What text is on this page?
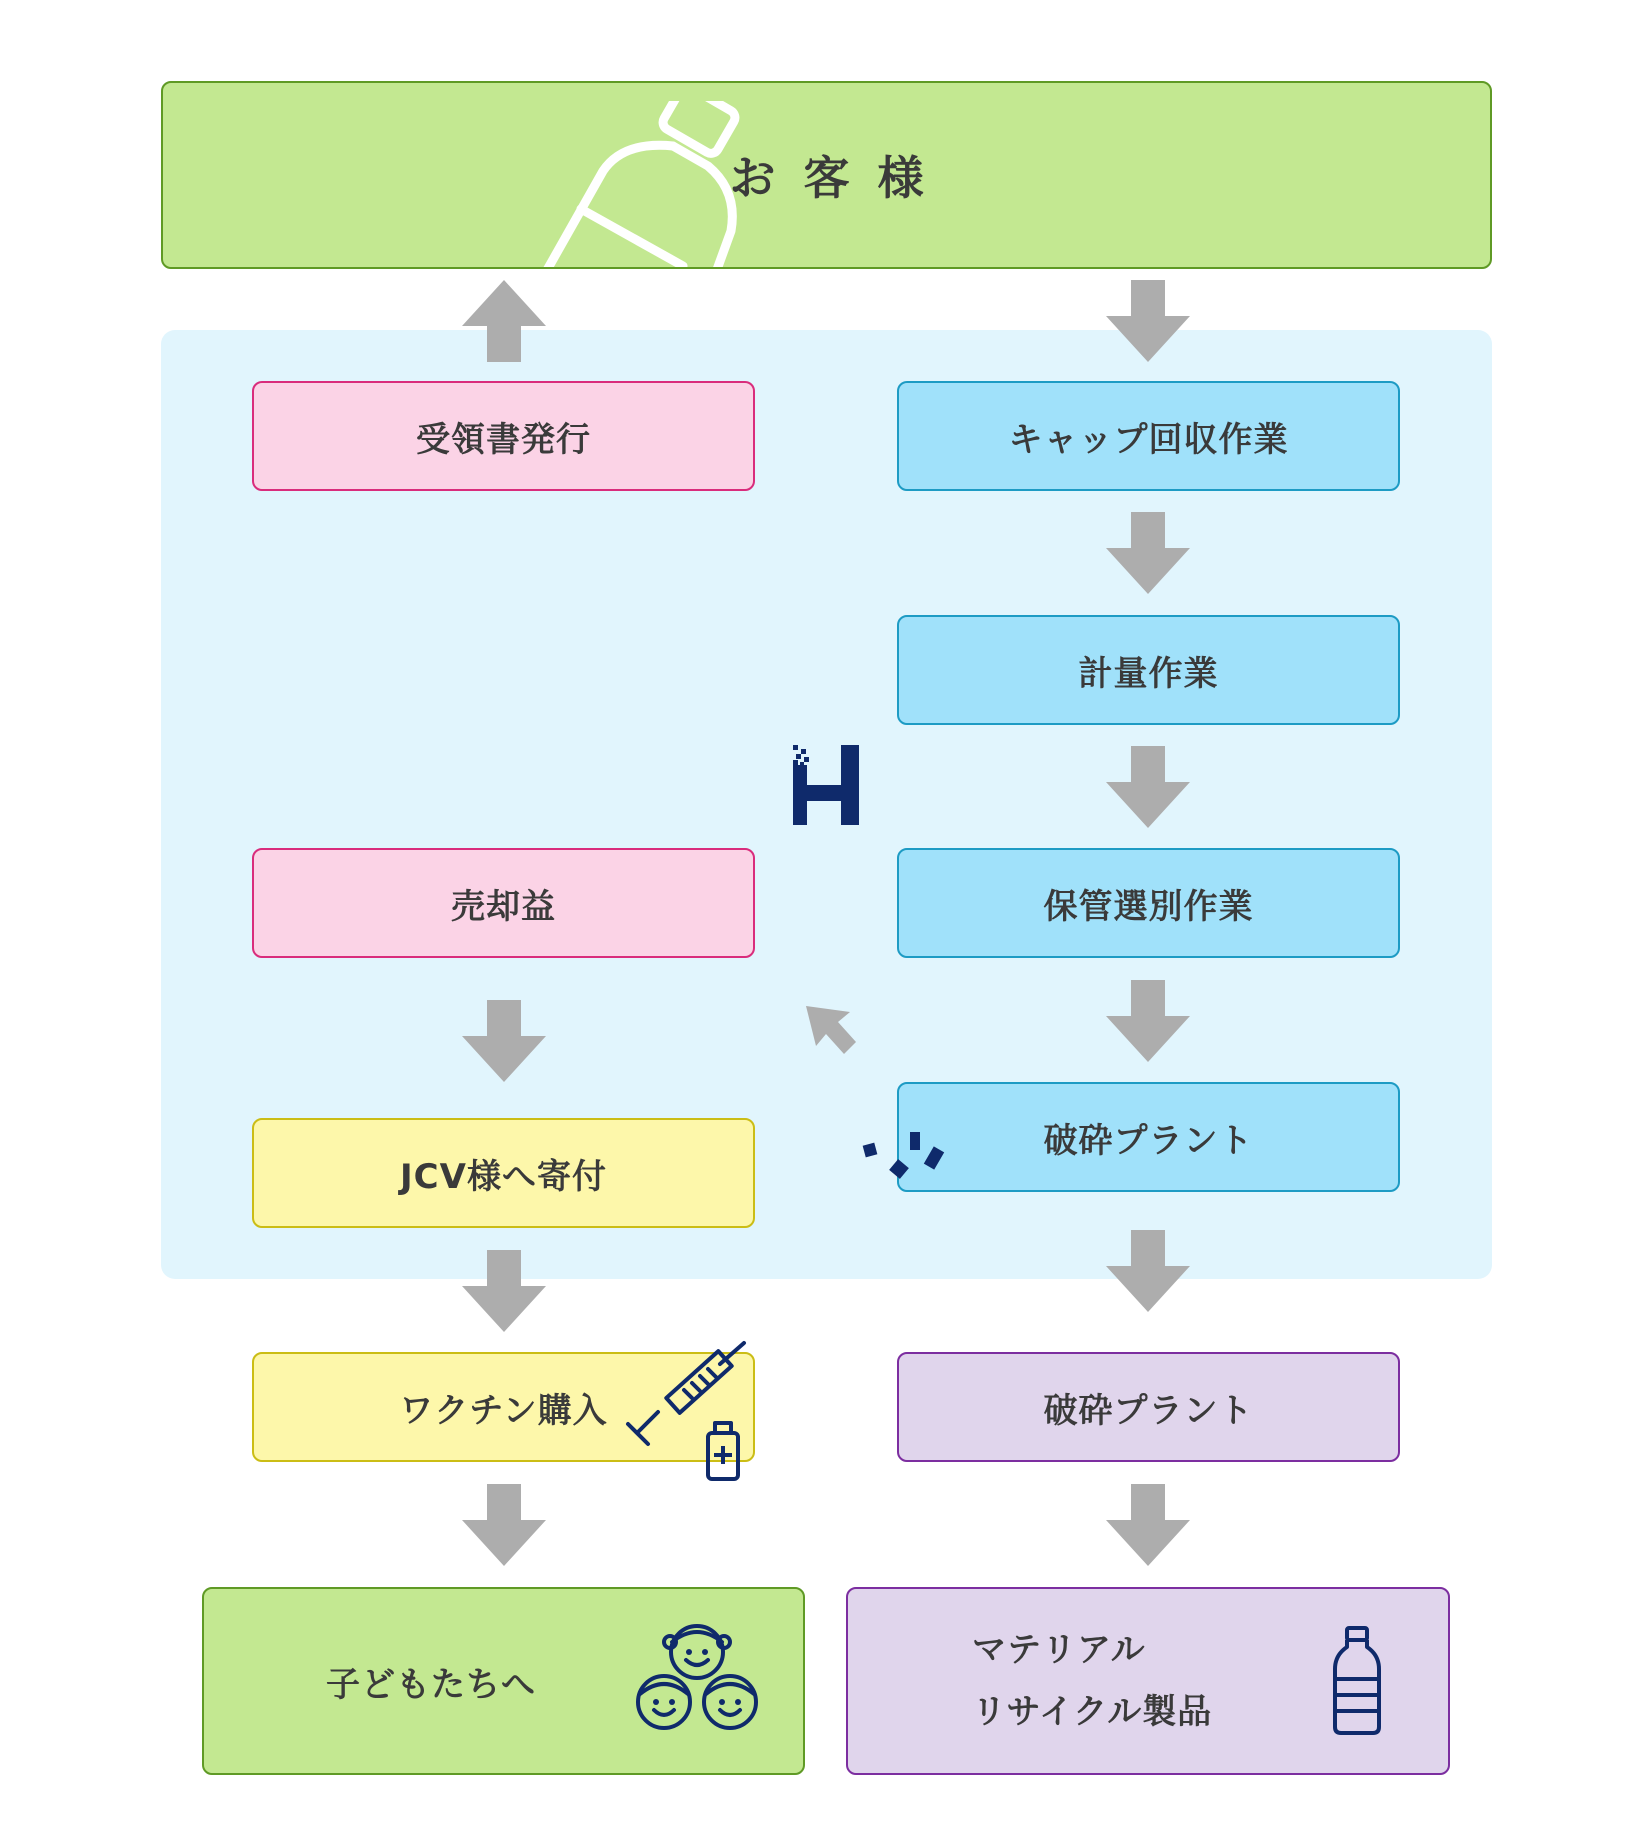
お客様
受領書発行
売却益
JCV様へ寄付
ワクチン購入
子どもたちへ
キャップ回収作業
計量作業
保管選別作業
破砕プラント
破砕プラント
マテリアル
リサイクル製品
